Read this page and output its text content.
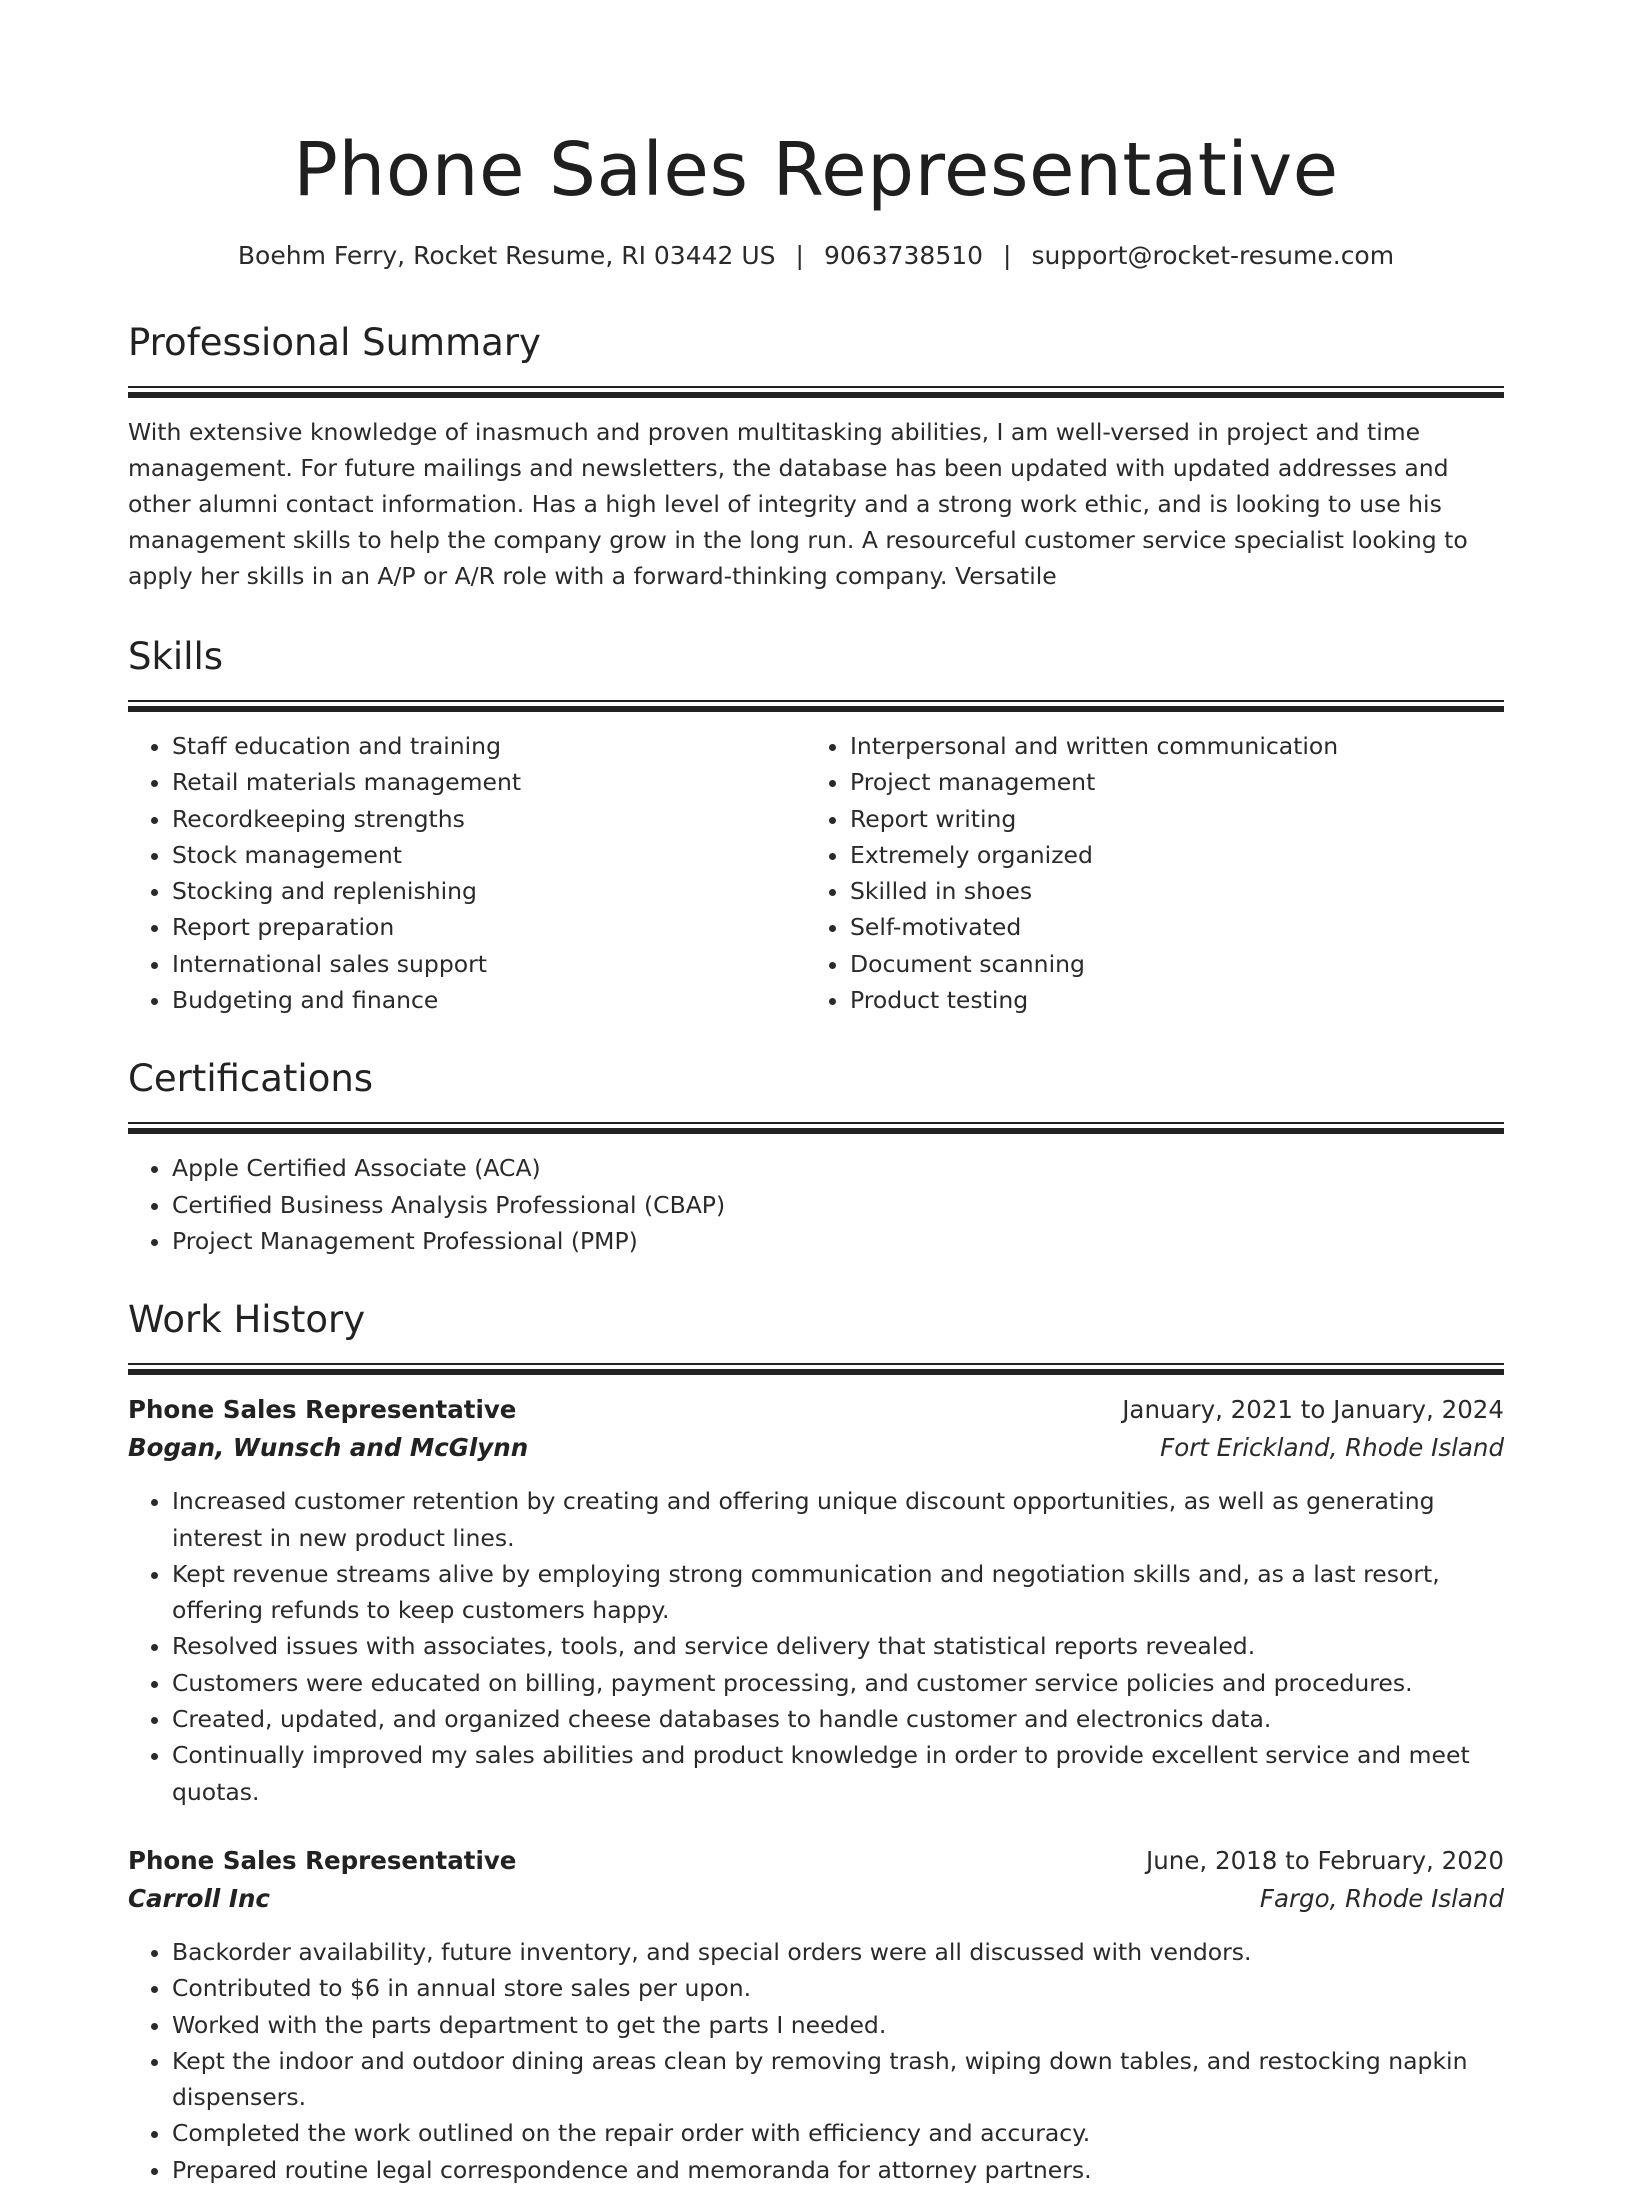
Phone Sales Representative
Boehm Ferry, Rocket Resume, RI 03442 US | 9063738510 | support@rocket-resume.com
Professional Summary

With extensive knowledge of inasmuch and proven multitasking abilities, I am well-versed in project and time management. For future mailings and newsletters, the database has been updated with updated addresses and other alumni contact information. Has a high level of integrity and a strong work ethic, and is looking to use his management skills to help the company grow in the long run. A resourceful customer service specialist looking to apply her skills in an A/P or A/R role with a forward-thinking company. Versatile

Skills
• Staff education and training
• Retail materials management
• Recordkeeping strengths
• Stock management
• Stocking and replenishing
• Report preparation
• International sales support
• Budgeting and finance
• Interpersonal and written communication
• Project management
• Report writing
• Extremely organized
• Skilled in shoes
• Self-motivated
• Document scanning
• Product testing
Certifications
• Apple Certified Associate (ACA)
• Certified Business Analysis Professional (CBAP)
• Project Management Professional (PMP)
Work History
Phone Sales Representative	January, 2021 to January, 2024
Bogan, Wunsch and McGlynn	Fort Erickland, Rhode Island
• Increased customer retention by creating and offering unique discount opportunities, as well as generating interest in new product lines.
• Kept revenue streams alive by employing strong communication and negotiation skills and, as a last resort, offering refunds to keep customers happy.
• Resolved issues with associates, tools, and service delivery that statistical reports revealed.
• Customers were educated on billing, payment processing, and customer service policies and procedures.
• Created, updated, and organized cheese databases to handle customer and electronics data.
• Continually improved my sales abilities and product knowledge in order to provide excellent service and meet quotas.
Phone Sales Representative	June, 2018 to February, 2020
Carroll Inc	Fargo, Rhode Island
• Backorder availability, future inventory, and special orders were all discussed with vendors.
• Contributed to $6 in annual store sales per upon.
• Worked with the parts department to get the parts I needed.
• Kept the indoor and outdoor dining areas clean by removing trash, wiping down tables, and restocking napkin dispensers.
• Completed the work outlined on the repair order with efficiency and accuracy.
• Prepared routine legal correspondence and memoranda for attorney partners.
